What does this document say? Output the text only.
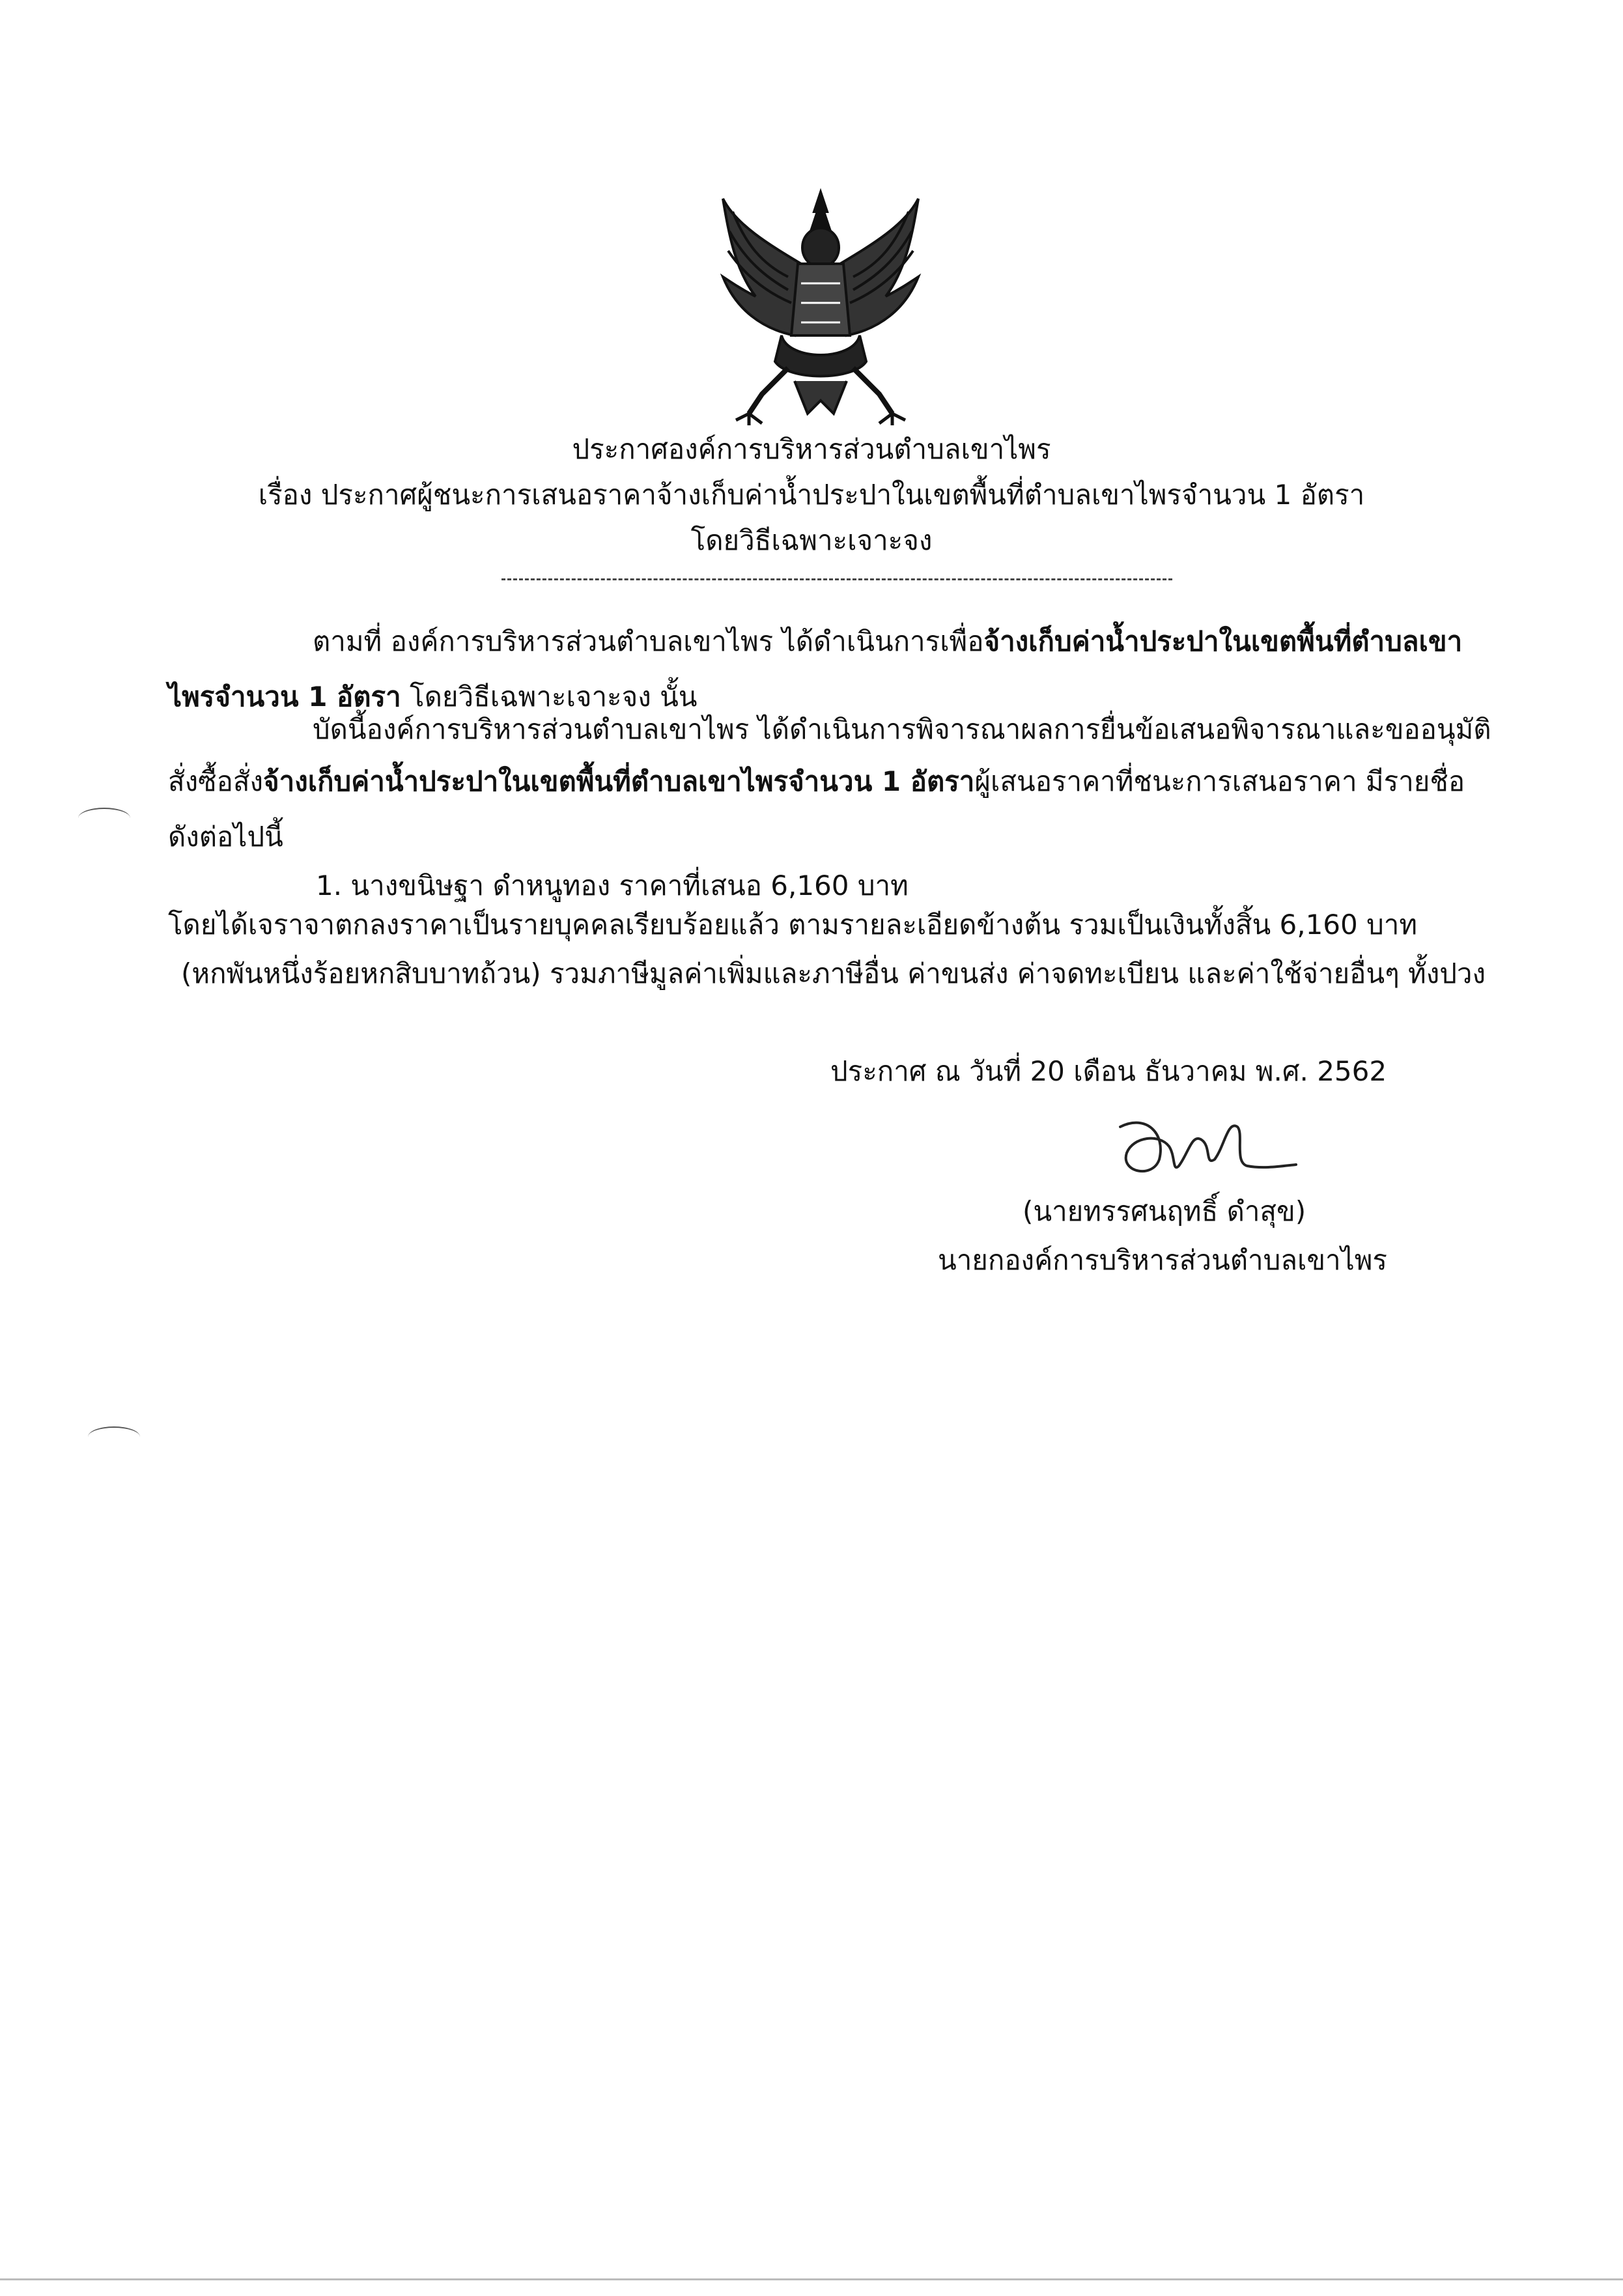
ประกาศองค์การบริหารส่วนตำบลเขาไพร
เรื่อง ประกาศผู้ชนะการเสนอราคาจ้างเก็บค่าน้ำประปาในเขตพื้นที่ตำบลเขาไพรจำนวน 1 อัตรา
โดยวิธีเฉพาะเจาะจง
ตามที่ องค์การบริหารส่วนตำบลเขาไพร ได้ดำเนินการเพื่อจ้างเก็บค่าน้ำประปาในเขตพื้นที่ตำบลเขา
ไพรจำนวน 1 อัตรา โดยวิธีเฉพาะเจาะจง นั้น
บัดนี้องค์การบริหารส่วนตำบลเขาไพร ได้ดำเนินการพิจารณาผลการยื่นข้อเสนอพิจารณาและขออนุมัติ
สั่งซื้อสั่งจ้างเก็บค่าน้ำประปาในเขตพื้นที่ตำบลเขาไพรจำนวน 1 อัตราผู้เสนอราคาที่ชนะการเสนอราคา มีรายชื่อ
ดังต่อไปนี้
1. นางขนิษฐา ดำหนูทอง ราคาที่เสนอ 6,160 บาท
โดยได้เจราจาตกลงราคาเป็นรายบุคคลเรียบร้อยแล้ว ตามรายละเอียดข้างต้น รวมเป็นเงินทั้งสิ้น 6,160 บาท
(หกพันหนึ่งร้อยหกสิบบาทถ้วน) รวมภาษีมูลค่าเพิ่มและภาษีอื่น ค่าขนส่ง ค่าจดทะเบียน และค่าใช้จ่ายอื่นๆ ทั้งปวง
ประกาศ ณ วันที่ 20 เดือน ธันวาคม พ.ศ. 2562
(นายทรรศนฤทธิ์ ดำสุข)
นายกองค์การบริหารส่วนตำบลเขาไพร
